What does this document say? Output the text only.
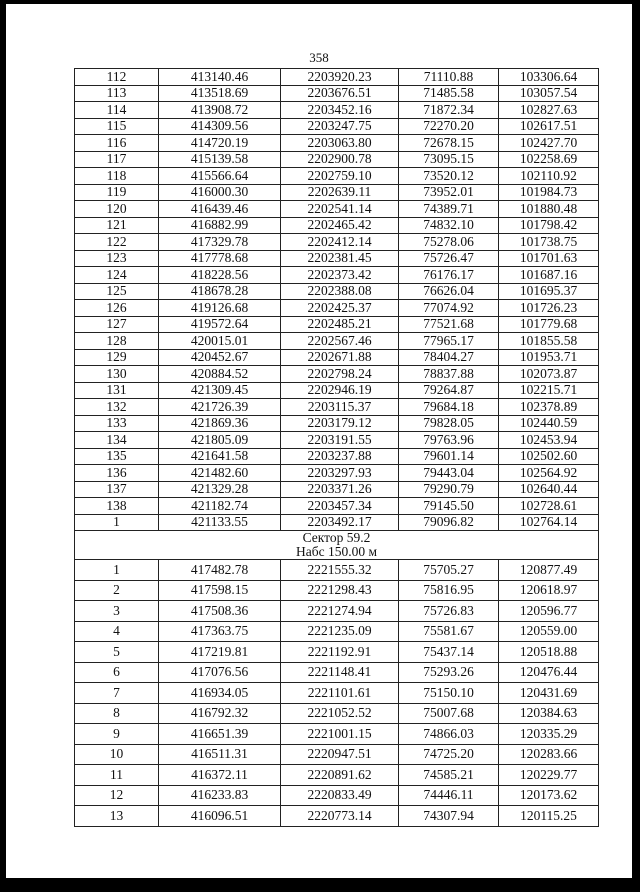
358
112	413140.46	2203920.23	71110.88	103306.64
113	413518.69	2203676.51	71485.58	103057.54
114	413908.72	2203452.16	71872.34	102827.63
115	414309.56	2203247.75	72270.20	102617.51
116	414720.19	2203063.80	72678.15	102427.70
117	415139.58	2202900.78	73095.15	102258.69
118	415566.64	2202759.10	73520.12	102110.92
119	416000.30	2202639.11	73952.01	101984.73
120	416439.46	2202541.14	74389.71	101880.48
121	416882.99	2202465.42	74832.10	101798.42
122	417329.78	2202412.14	75278.06	101738.75
123	417778.68	2202381.45	75726.47	101701.63
124	418228.56	2202373.42	76176.17	101687.16
125	418678.28	2202388.08	76626.04	101695.37
126	419126.68	2202425.37	77074.92	101726.23
127	419572.64	2202485.21	77521.68	101779.68
128	420015.01	2202567.46	77965.17	101855.58
129	420452.67	2202671.88	78404.27	101953.71
130	420884.52	2202798.24	78837.88	102073.87
131	421309.45	2202946.19	79264.87	102215.71
132	421726.39	2203115.37	79684.18	102378.89
133	421869.36	2203179.12	79828.05	102440.59
134	421805.09	2203191.55	79763.96	102453.94
135	421641.58	2203237.88	79601.14	102502.60
136	421482.60	2203297.93	79443.04	102564.92
137	421329.28	2203371.26	79290.79	102640.44
138	421182.74	2203457.34	79145.50	102728.61
1	421133.55	2203492.17	79096.82	102764.14
Сектор 59.2				
Набс 150.00 м				
1	417482.78	2221555.32	75705.27	120877.49
2	417598.15	2221298.43	75816.95	120618.97
3	417508.36	2221274.94	75726.83	120596.77
4	417363.75	2221235.09	75581.67	120559.00
5	417219.81	2221192.91	75437.14	120518.88
6	417076.56	2221148.41	75293.26	120476.44
7	416934.05	2221101.61	75150.10	120431.69
8	416792.32	2221052.52	75007.68	120384.63
9	416651.39	2221001.15	74866.03	120335.29
10	416511.31	2220947.51	74725.20	120283.66
11	416372.11	2220891.62	74585.21	120229.77
12	416233.83	2220833.49	74446.11	120173.62
13	416096.51	2220773.14	74307.94	120115.25
